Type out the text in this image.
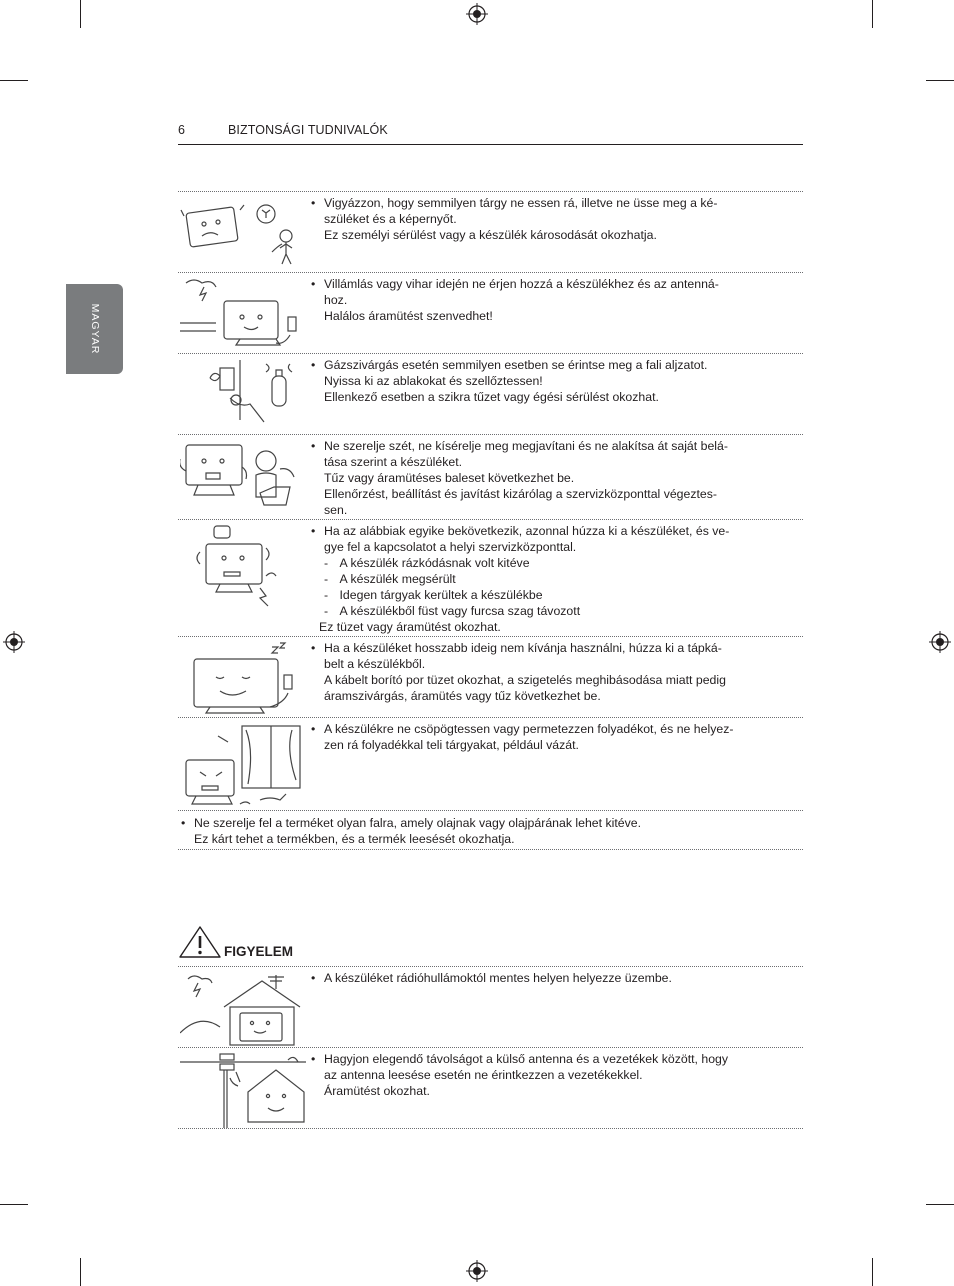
6	BIZTONSÁGI TUDNIVALÓK
MAGYAR
• Vigyázzon, hogy semmilyen tárgy ne essen rá, illetve ne üsse meg a ké-
szüléket és a képernyőt.
Ez személyi sérülést vagy a készülék károsodását okozhatja.
• Villámlás vagy vihar idején ne érjen hozzá a készülékhez és az antenná-
hoz.
Halálos áramütést szenvedhet!
• Gázszivárgás esetén semmilyen esetben se érintse meg a fali aljzatot.
Nyissa ki az ablakokat és szellőztessen!
Ellenkező esetben a szikra tűzet vagy égési sérülést okozhat.
• Ne szerelje szét, ne kísérelje meg megjavítani és ne alakítsa át saját belá-
tása szerint a készüléket.
Tűz vagy áramütéses baleset következhet be.
Ellenőrzést, beállítást és javítást kizárólag a szervizközponttal végeztes-
sen.
• Ha az alábbiak egyike bekövetkezik, azonnal húzza ki a készüléket, és ve-
gye fel a kapcsolatot a helyi szervizközponttal.
- A készülék rázkódásnak volt kitéve
- A készülék megsérült
- Idegen tárgyak kerültek a készülékbe
- A készülékből füst vagy furcsa szag távozott
Ez tüzet vagy áramütést okozhat.
• Ha a készüléket hosszabb ideig nem kívánja használni, húzza ki a tápká-
belt a készülékből.
A kábelt borító por tüzet okozhat, a szigetelés meghibásodása miatt pedig
áramszivárgás, áramütés vagy tűz következhet be.
• A készülékre ne csöpögtessen vagy permetezzen folyadékot, és ne helyez-
zen rá folyadékkal teli tárgyakat, például vázát.
• Ne szerelje fel a terméket olyan falra, amely olajnak vagy olajpárának lehet kitéve.
Ez kárt tehet a termékben, és a termék leesését okozhatja.
FIGYELEM
• A készüléket rádióhullámoktól mentes helyen helyezze üzembe.
• Hagyjon elegendő távolságot a külső antenna és a vezetékek között, hogy
az antenna leesése esetén ne érintkezzen a vezetékekkel.
Áramütést okozhat.
